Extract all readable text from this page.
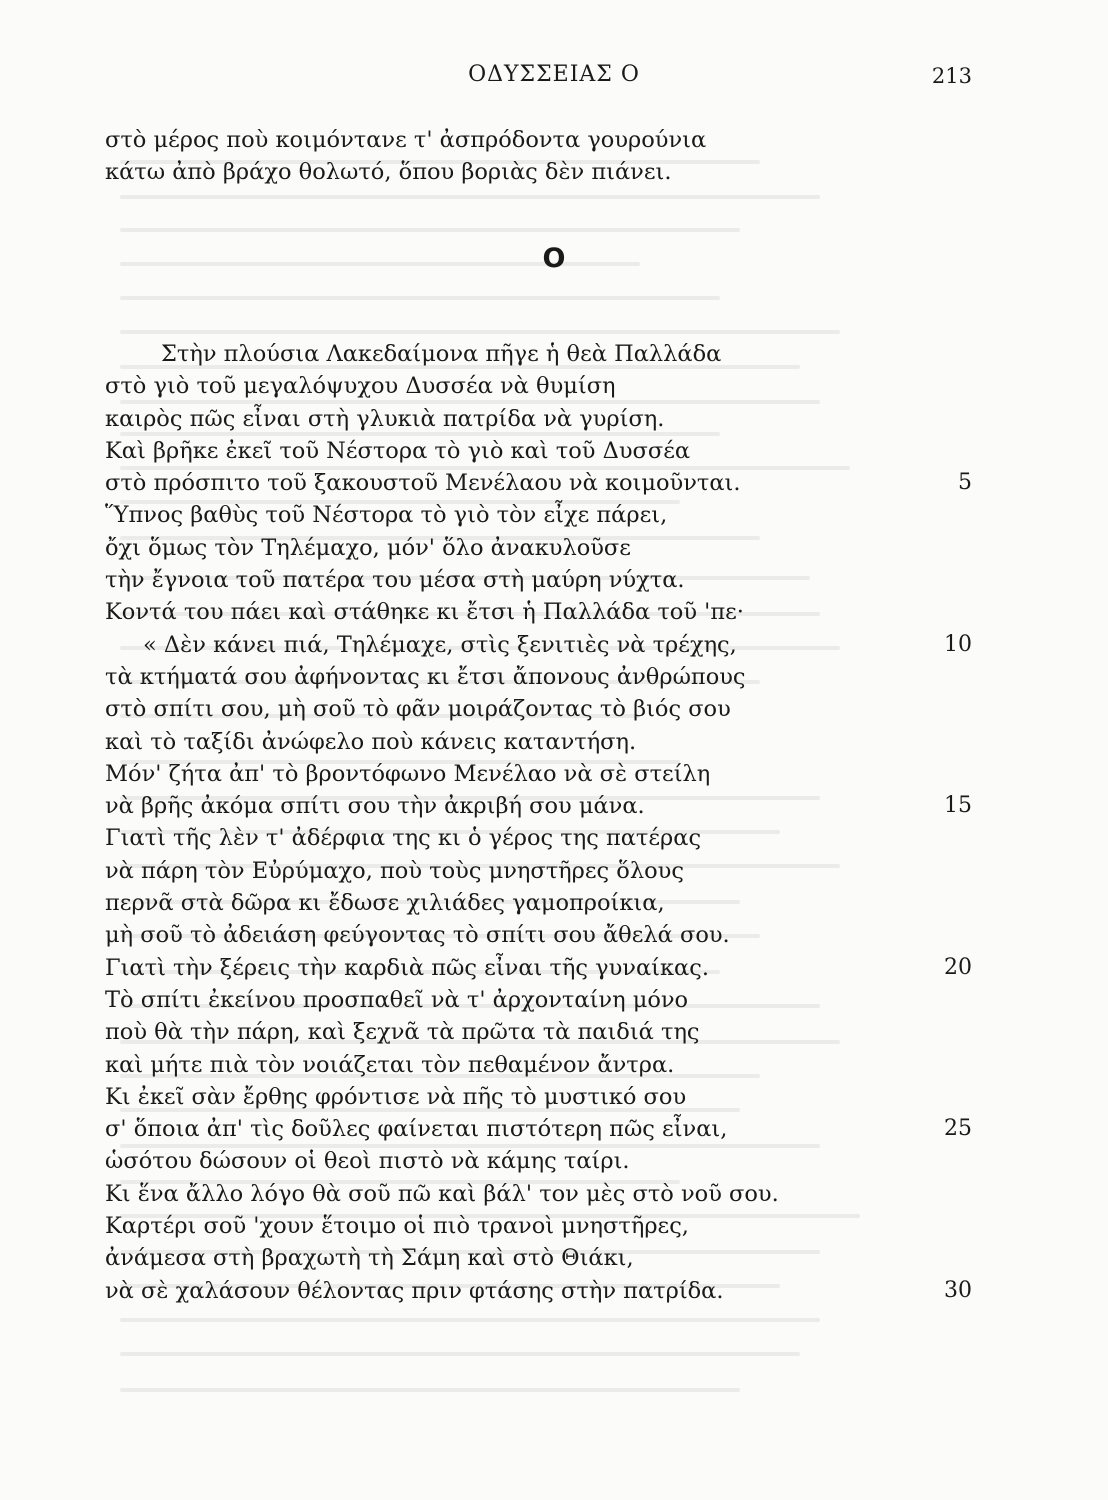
ΟΔΥΣΣΕΙΑΣ Ο	213
στὸ μέρος ποὺ κοιμόντανε τ' ἀσπρόδοντα γουρούνια
κάτω ἀπὸ βράχο θολωτό, ὅπου βοριὰς δὲν πιάνει.
Ο
Στὴν πλούσια Λακεδαίμονα πῆγε ἡ θεὰ Παλλάδα
στὸ γιὸ τοῦ μεγαλόψυχου Δυσσέα νὰ θυμίση
καιρὸς πῶς εἶναι στὴ γλυκιὰ πατρίδα νὰ γυρίση.
Καὶ βρῆκε ἐκεῖ τοῦ Νέστορα τὸ γιὸ καὶ τοῦ Δυσσέα
στὸ πρόσπιτο τοῦ ξακουστοῦ Μενέλαου νὰ κοιμοῦνται.
Ὕπνος βαθὺς τοῦ Νέστορα τὸ γιὸ τὸν εἶχε πάρει,
ὄχι ὅμως τὸν Τηλέμαχο, μόν' ὅλο ἀνακυλοῦσε
τὴν ἔγνοια τοῦ πατέρα του μέσα στὴ μαύρη νύχτα.
Κοντά του πάει καὶ στάθηκε κι ἔτσι ἡ Παλλάδα τοῦ 'πε·
« Δὲν κάνει πιά, Τηλέμαχε, στὶς ξενιτιὲς νὰ τρέχης,
τὰ κτήματά σου ἀφήνοντας κι ἔτσι ἄπονους ἀνθρώπους
στὸ σπίτι σου, μὴ σοῦ τὸ φᾶν μοιράζοντας τὸ βιός σου
καὶ τὸ ταξίδι ἀνώφελο ποὺ κάνεις καταντήση.
Μόν' ζήτα ἀπ' τὸ βροντόφωνο Μενέλαο νὰ σὲ στείλη
νὰ βρῆς ἀκόμα σπίτι σου τὴν ἀκριβή σου μάνα.
Γιατὶ τῆς λὲν τ' ἀδέρφια της κι ὁ γέρος της πατέρας
νὰ πάρη τὸν Εὐρύμαχο, ποὺ τοὺς μνηστῆρες ὅλους
περνᾶ στὰ δῶρα κι ἔδωσε χιλιάδες γαμοπροίκια,
μὴ σοῦ τὸ ἀδειάση φεύγοντας τὸ σπίτι σου ἄθελά σου.
Γιατὶ τὴν ξέρεις τὴν καρδιὰ πῶς εἶναι τῆς γυναίκας.
Τὸ σπίτι ἐκείνου προσπαθεῖ νὰ τ' ἀρχονταίνη μόνο
ποὺ θὰ τὴν πάρη, καὶ ξεχνᾶ τὰ πρῶτα τὰ παιδιά της
καὶ μήτε πιὰ τὸν νοιάζεται τὸν πεθαμένον ἄντρα.
Κι ἐκεῖ σὰν ἔρθης φρόντισε νὰ πῆς τὸ μυστικό σου
σ' ὅποια ἀπ' τὶς δοῦλες φαίνεται πιστότερη πῶς εἶναι,
ὡσότου δώσουν οἱ θεοὶ πιστὸ νὰ κάμης ταίρι.
Κι ἕνα ἄλλο λόγο θὰ σοῦ πῶ καὶ βάλ' τον μὲς στὸ νοῦ σου.
Καρτέρι σοῦ 'χουν ἕτοιμο οἱ πιὸ τρανοὶ μνηστῆρες,
ἀνάμεσα στὴ βραχωτὴ τὴ Σάμη καὶ στὸ Θιάκι,
νὰ σὲ χαλάσουν θέλοντας πριν φτάσης στὴν πατρίδα.
5
10
15
20
25
30
